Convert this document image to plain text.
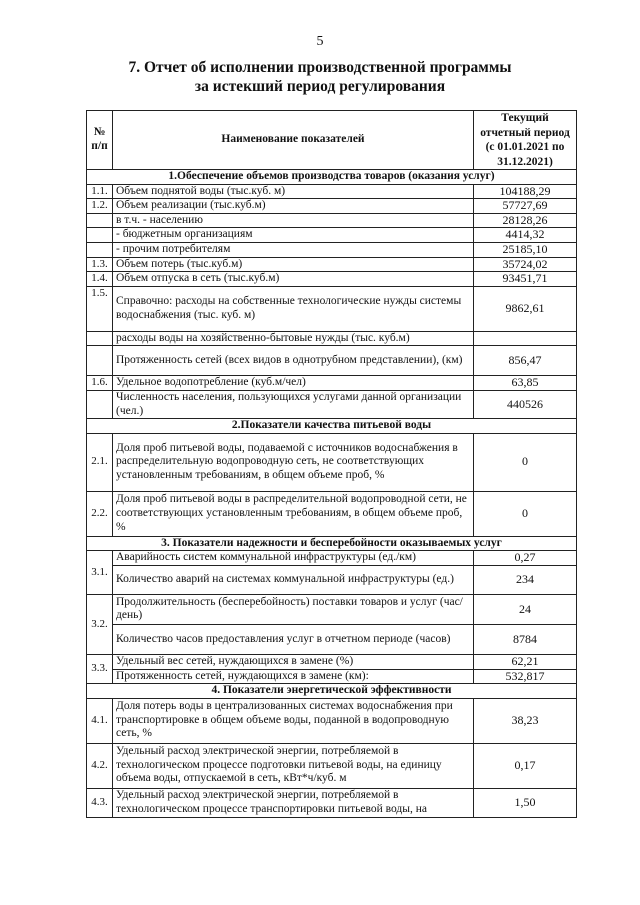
5
7. Отчет об исполнении производственной программы
за истекший период регулирования
№ п/п	Наименование показателей	Текущий отчетный период (с 01.01.2021 по 31.12.2021)
1.Обеспечение объемов производства товаров (оказания услуг)		
1.1.	Объем поднятой воды (тыс.куб. м)	104188,29
1.2.	Объем реализации (тыс.куб.м)	57727,69
	в т.ч. - населению	28128,26
	- бюджетным организациям	4414,32
	- прочим потребителям	25185,10
1.3.	Объем потерь (тыс.куб.м)	35724,02
1.4.	Объем отпуска в сеть (тыс.куб.м)	93451,71
1.5.	Справочно: расходы на собственные технологические нужды системы водоснабжения (тыс. куб. м)	9862,61
	расходы воды на хозяйственно-бытовые нужды (тыс. куб.м)	
	Протяженность сетей (всех видов в однотрубном представлении), (км)	856,47
1.6.	Удельное водопотребление (куб.м/чел)	63,85
	Численность населения, пользующихся услугами данной организации (чел.)	440526
2.Показатели качества питьевой воды		
2.1.	Доля проб питьевой воды, подаваемой с источников водоснабжения в распределительную водопроводную сеть, не соответствующих установленным требованиям, в общем объеме проб, %	0
2.2.	Доля проб питьевой воды в распределительной водопроводной сети, не соответствующих установленным требованиям, в общем объеме проб, %	0
3. Показатели надежности и бесперебойности оказываемых услуг		
3.1.	Аварийность систем коммунальной инфраструктуры (ед./км)	0,27
	Количество аварий на системах коммунальной инфраструктуры (ед.)	234
3.2.	Продолжительность (бесперебойность) поставки товаров и услуг (час/день)	24
	Количество часов предоставления услуг в отчетном периоде (часов)	8784
3.3.	Удельный вес сетей, нуждающихся в замене (%)	62,21
	Протяженность сетей, нуждающихся в замене (км):	532,817
4. Показатели энергетической эффективности		
4.1.	Доля потерь воды в централизованных системах водоснабжения при транспортировке в общем объеме воды, поданной в водопроводную сеть, %	38,23
4.2.	Удельный расход электрической энергии, потребляемой в технологическом процессе подготовки питьевой воды, на единицу объема воды, отпускаемой в сеть, кВт*ч/куб. м	0,17
4.3.	Удельный расход электрической энергии, потребляемой в технологическом процессе транспортировки питьевой воды, на	1,50
